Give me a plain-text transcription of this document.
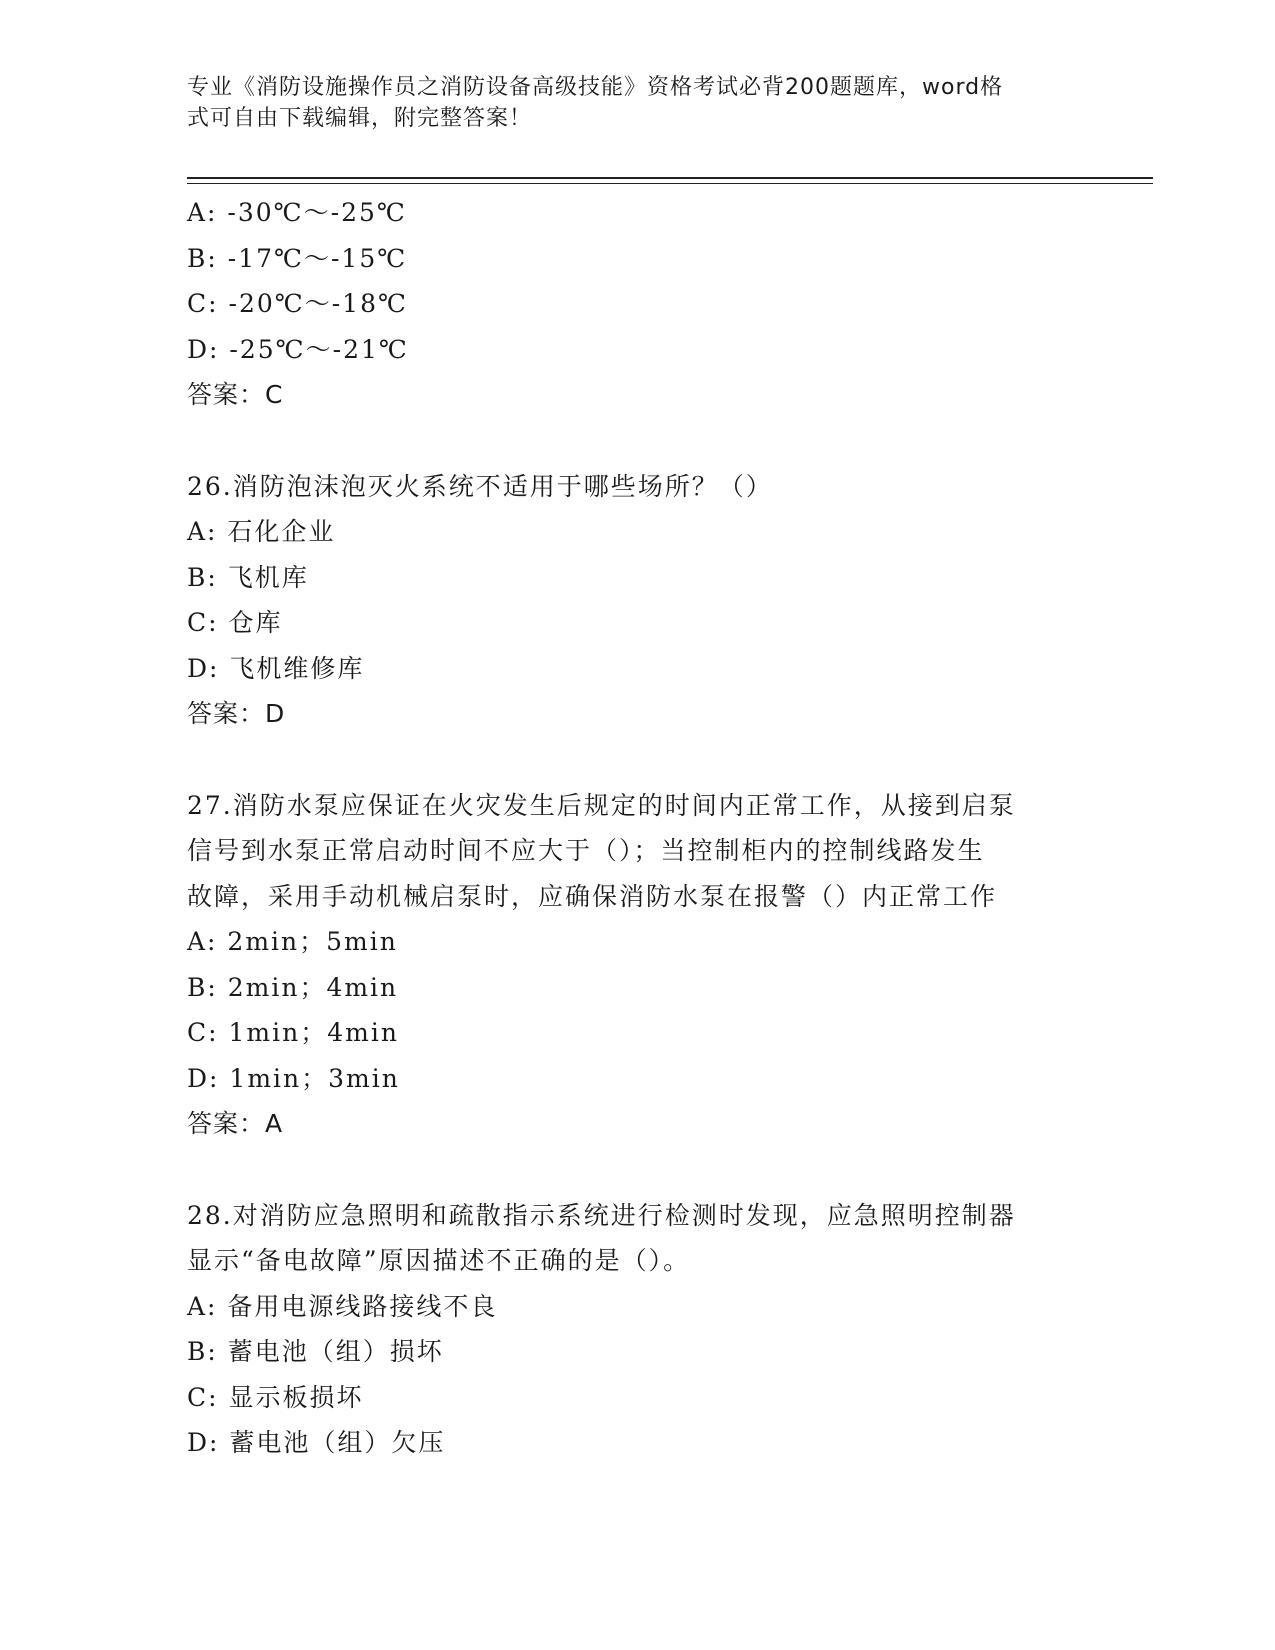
专业《消防设施操作员之消防设备高级技能》资格考试必背200题题库，word格
式可自由下载编辑，附完整答案！
A: -30℃～-25℃
B: -17℃～-15℃
C: -20℃～-18℃
D: -25℃～-21℃
答案：C
26.消防泡沫泡灭火系统不适用于哪些场所？（）
A: 石化企业
B: 飞机库
C: 仓库
D: 飞机维修库
答案：D
27.消防水泵应保证在火灾发生后规定的时间内正常工作，从接到启泵
信号到水泵正常启动时间不应大于（）；当控制柜内的控制线路发生
故障，采用手动机械启泵时，应确保消防水泵在报警（）内正常工作
A: 2min；5min
B: 2min；4min
C: 1min；4min
D: 1min；3min
答案：A
28.对消防应急照明和疏散指示系统进行检测时发现，应急照明控制器
显示“备电故障”原因描述不正确的是（）。
A: 备用电源线路接线不良
B: 蓄电池（组）损坏
C: 显示板损坏
D: 蓄电池（组）欠压
